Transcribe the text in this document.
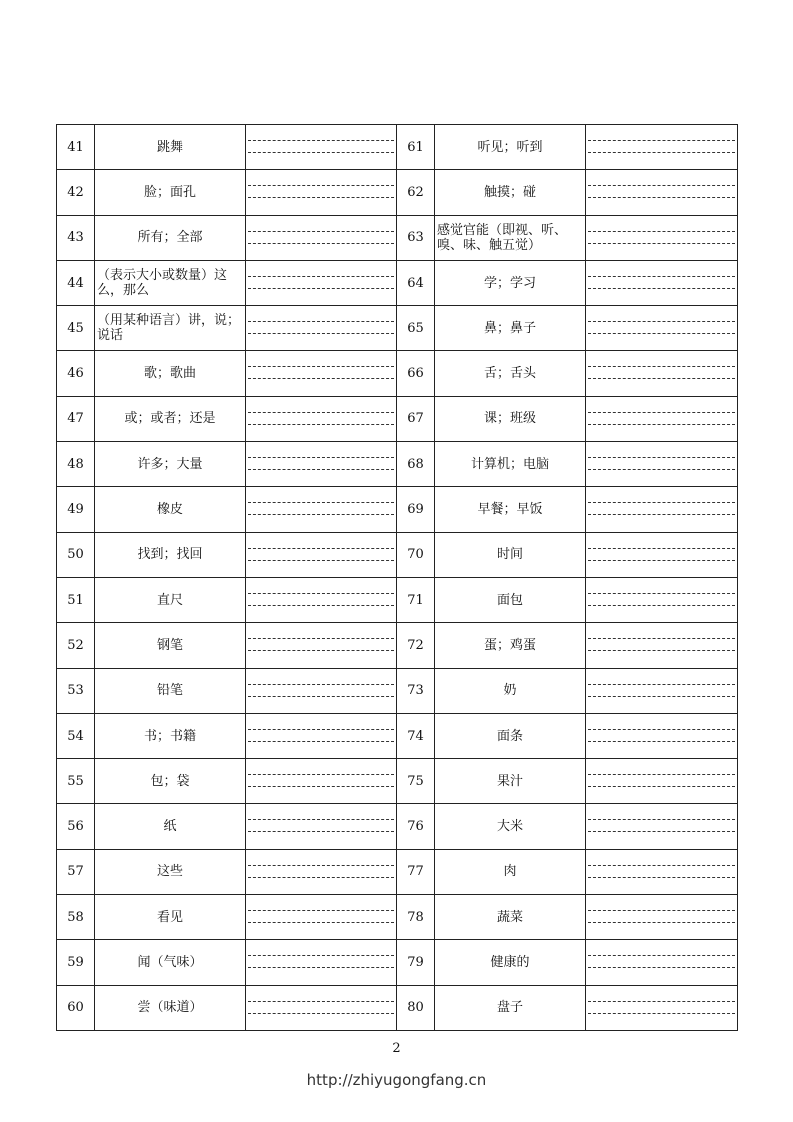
41	跳舞		61	听见；听到	

42	脸；面孔		62	触摸；碰	

43	所有；全部		63	感觉官能（即视、听、嗅、味、触五觉）	

44	（表示大小或数量）这么，那么		64	学；学习	

45	（用某种语言）讲，说；说话		65	鼻；鼻子	

46	歌；歌曲		66	舌；舌头	

47	或；或者；还是		67	课；班级	

48	许多；大量		68	计算机；电脑	

49	橡皮		69	早餐；早饭	

50	找到；找回		70	时间	

51	直尺		71	面包	

52	钢笔		72	蛋；鸡蛋	

53	铅笔		73	奶	

54	书；书籍		74	面条	

55	包；袋		75	果汁	

56	纸		76	大米	

57	这些		77	肉	

58	看见		78	蔬菜	

59	闻（气味）		79	健康的	

60	尝（味道）		80	盘子	
2
http://zhiyugongfang.cn
